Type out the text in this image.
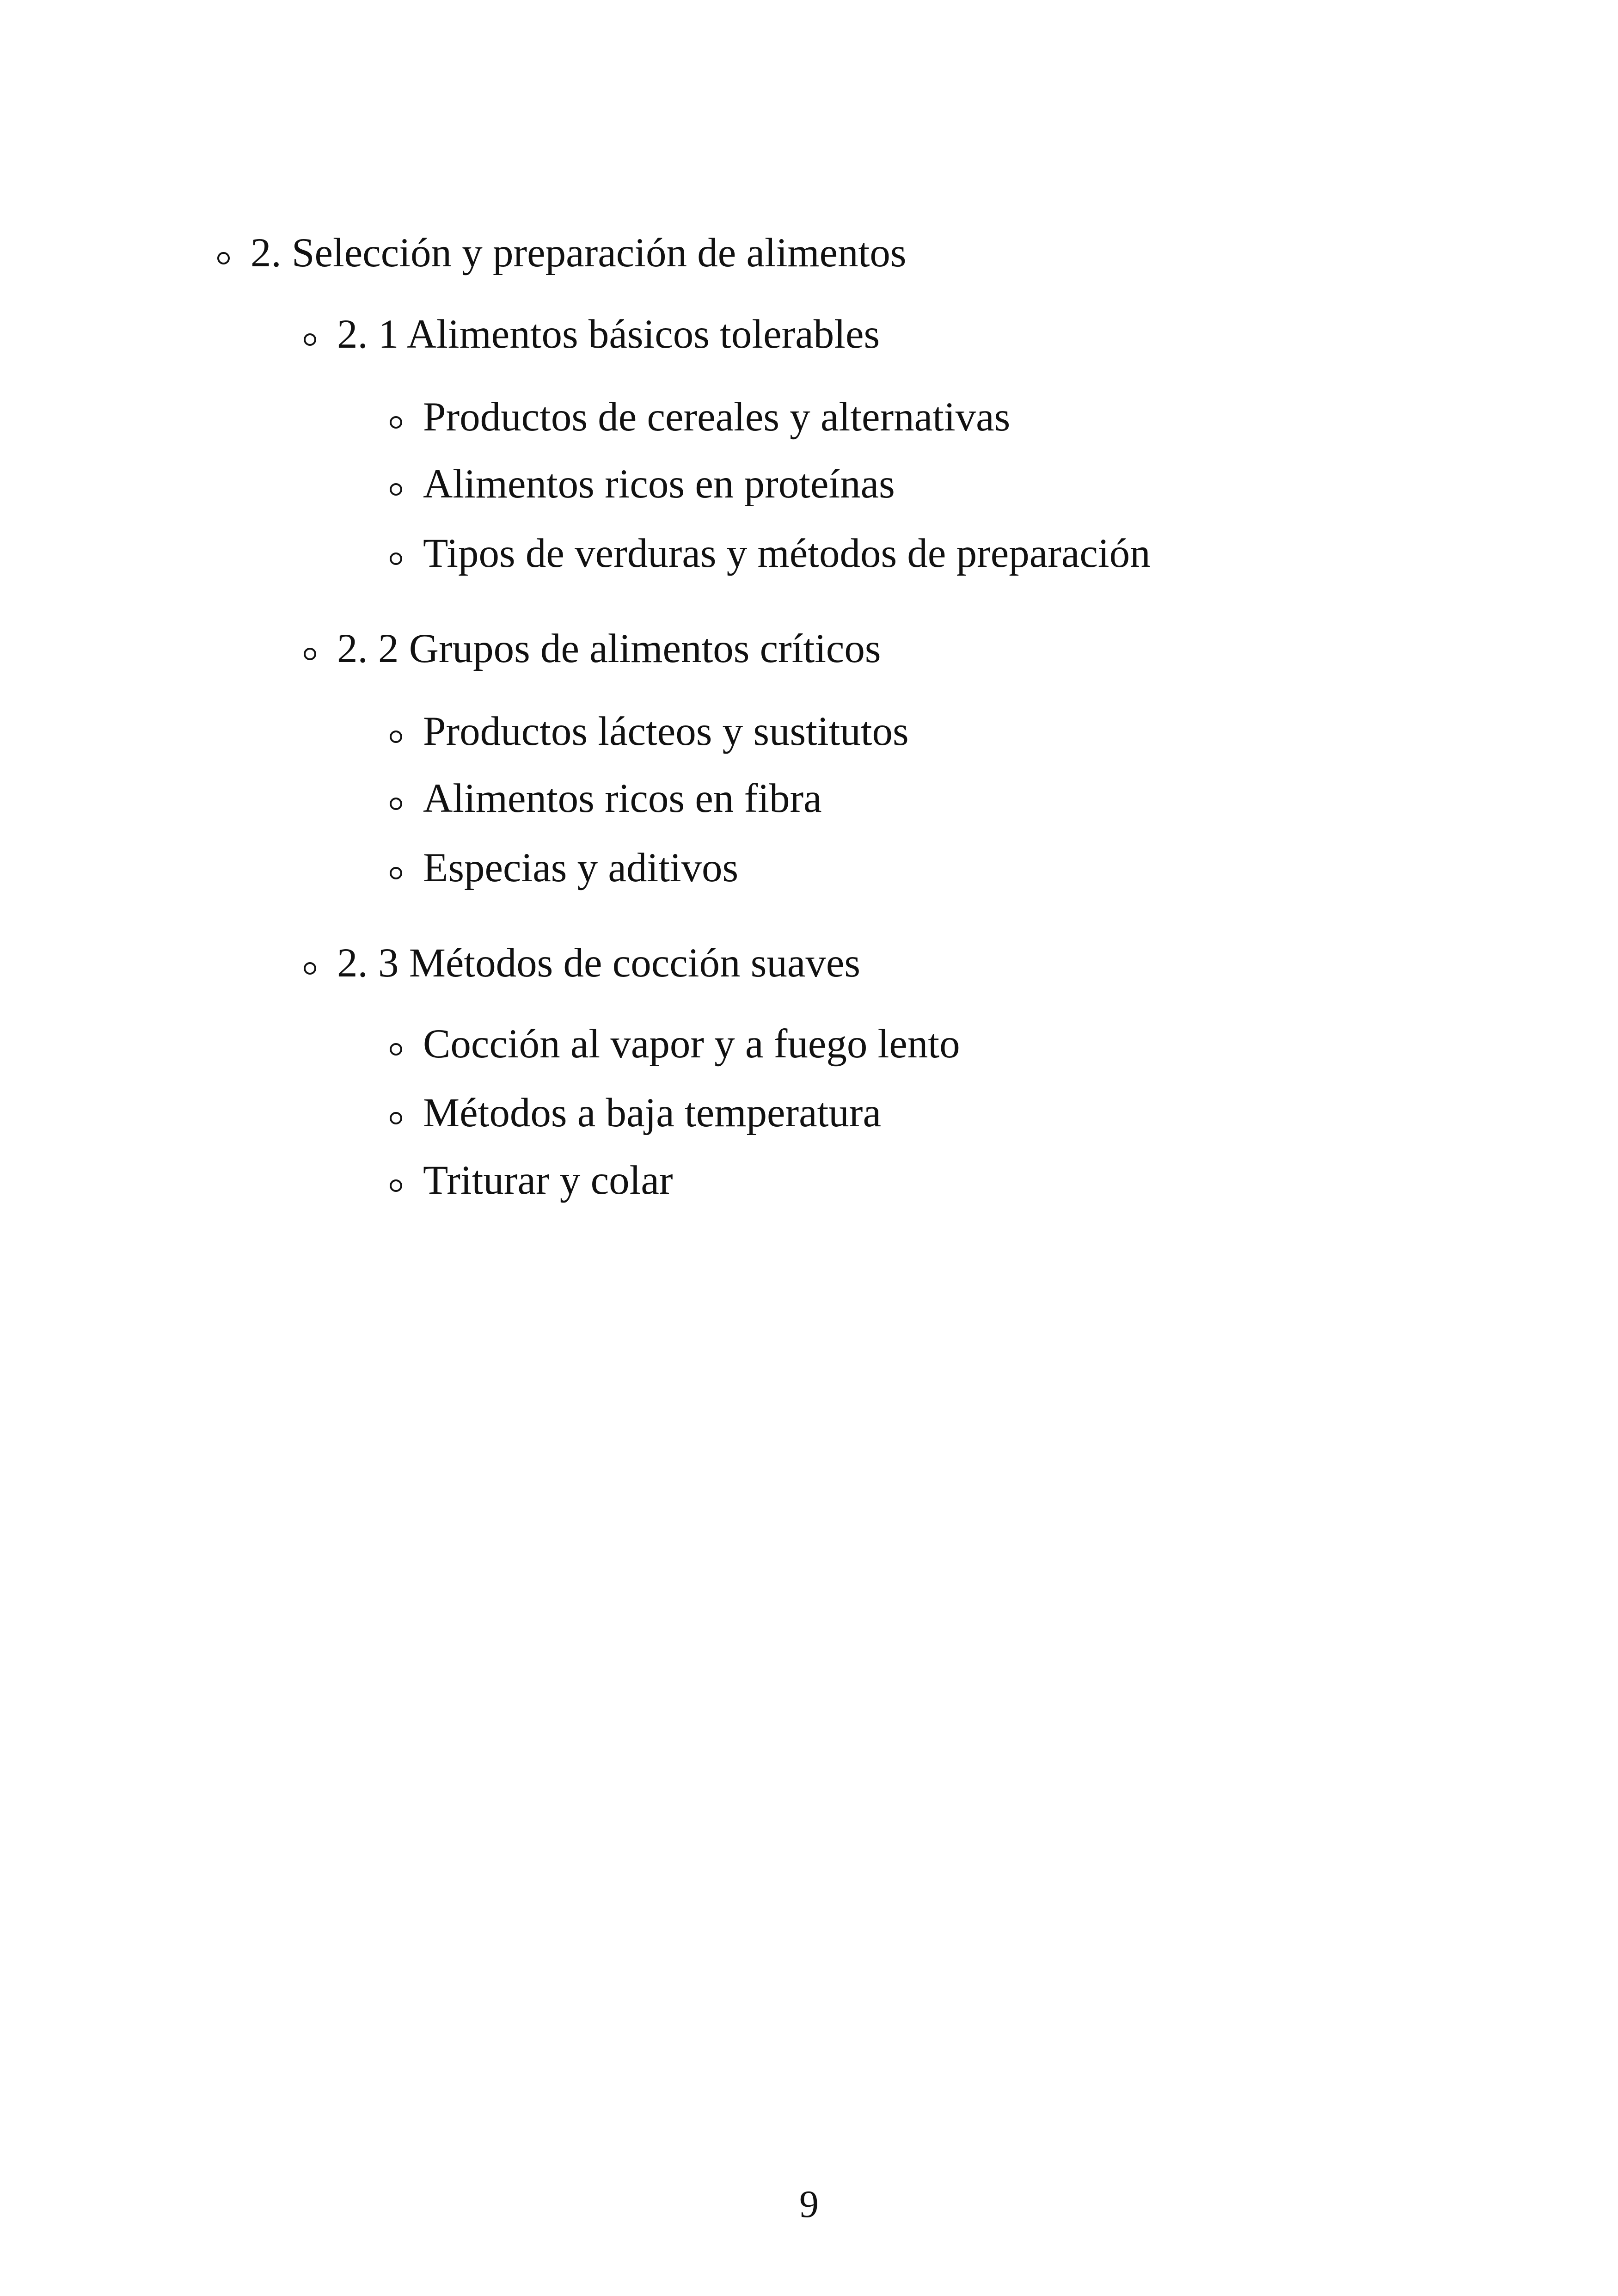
2. Selección y preparación de alimentos
2. 1 Alimentos básicos tolerables
Productos de cereales y alternativas
Alimentos ricos en proteínas
Tipos de verduras y métodos de preparación
2. 2 Grupos de alimentos críticos
Productos lácteos y sustitutos
Alimentos ricos en fibra
Especias y aditivos
2. 3 Métodos de cocción suaves
Cocción al vapor y a fuego lento
Métodos a baja temperatura
Triturar y colar
9
